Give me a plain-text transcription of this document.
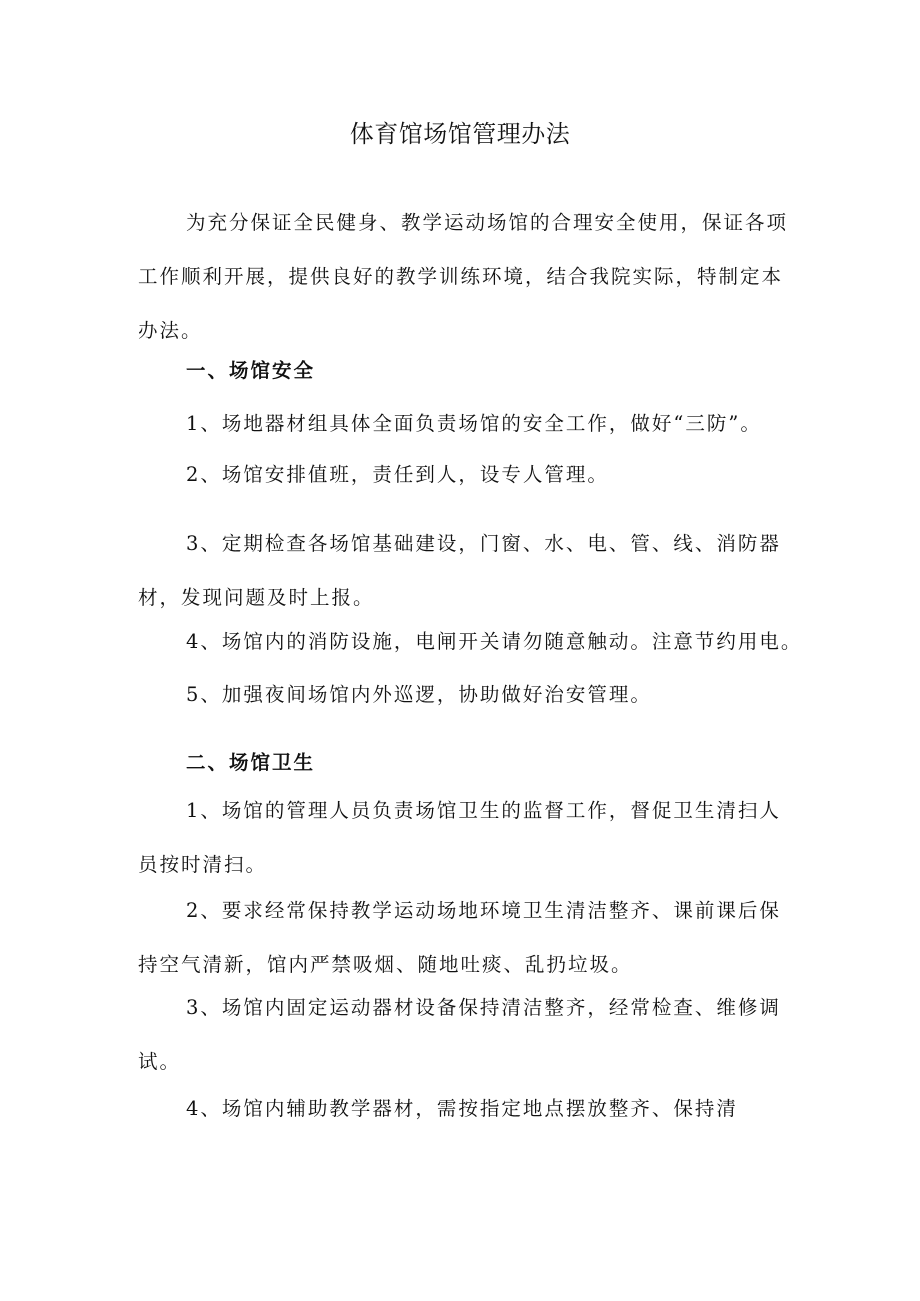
体育馆场馆管理办法

为充分保证全民健身、教学运动场馆的合理安全使用，保证各项
工作顺利开展，提供良好的教学训练环境，结合我院实际，特制定本
办法。

一、场馆安全

1、场地器材组具体全面负责场馆的安全工作，做好“三防”。

2、场馆安排值班，责任到人，设专人管理。

3、定期检查各场馆基础建设，门窗、水、电、管、线、消防器
材，发现问题及时上报。

4、场馆内的消防设施，电闸开关请勿随意触动。注意节约用电。

5、加强夜间场馆内外巡逻，协助做好治安管理。

二、场馆卫生

1、场馆的管理人员负责场馆卫生的监督工作，督促卫生清扫人
员按时清扫。

2、要求经常保持教学运动场地环境卫生清洁整齐、课前课后保
持空气清新，馆内严禁吸烟、随地吐痰、乱扔垃圾。

3、场馆内固定运动器材设备保持清洁整齐，经常检查、维修调
试。

4、场馆内辅助教学器材，需按指定地点摆放整齐、保持清
